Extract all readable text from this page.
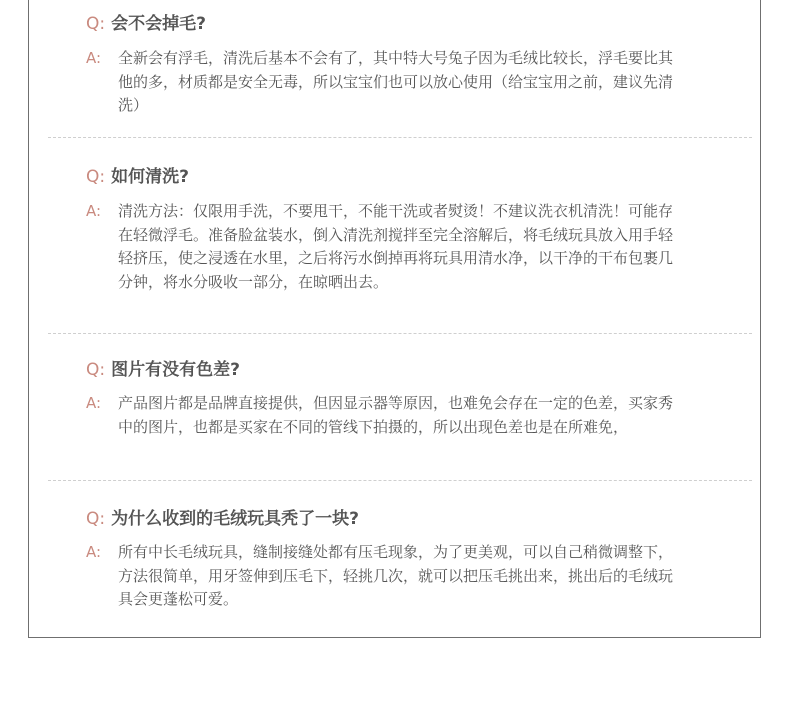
Q: 会不会掉毛?
A:	全新会有浮毛，清洗后基本不会有了，其中特大号兔子因为毛绒比较长，浮毛要比其他的多，材质都是安全无毒，所以宝宝们也可以放心使用（给宝宝用之前，建议先清洗）
Q: 如何清洗?
A:	清洗方法：仅限用手洗，不要甩干，不能干洗或者熨烫！不建议洗衣机清洗！可能存在轻微浮毛。准备脸盆装水，倒入清洗剂搅拌至完全溶解后，将毛绒玩具放入用手轻轻挤压，使之浸透在水里，之后将污水倒掉再将玩具用清水净，以干净的干布包裹几分钟，将水分吸收一部分，在晾晒出去。
Q: 图片有没有色差?
A:	产品图片都是品牌直接提供，但因显示器等原因，也难免会存在一定的色差，买家秀中的图片，也都是买家在不同的管线下拍摄的，所以出现色差也是在所难免，
Q: 为什么收到的毛绒玩具秃了一块?
A:	所有中长毛绒玩具，缝制接缝处都有压毛现象，为了更美观，可以自己稍微调整下，方法很简单，用牙签伸到压毛下，轻挑几次，就可以把压毛挑出来，挑出后的毛绒玩具会更蓬松可爱。
